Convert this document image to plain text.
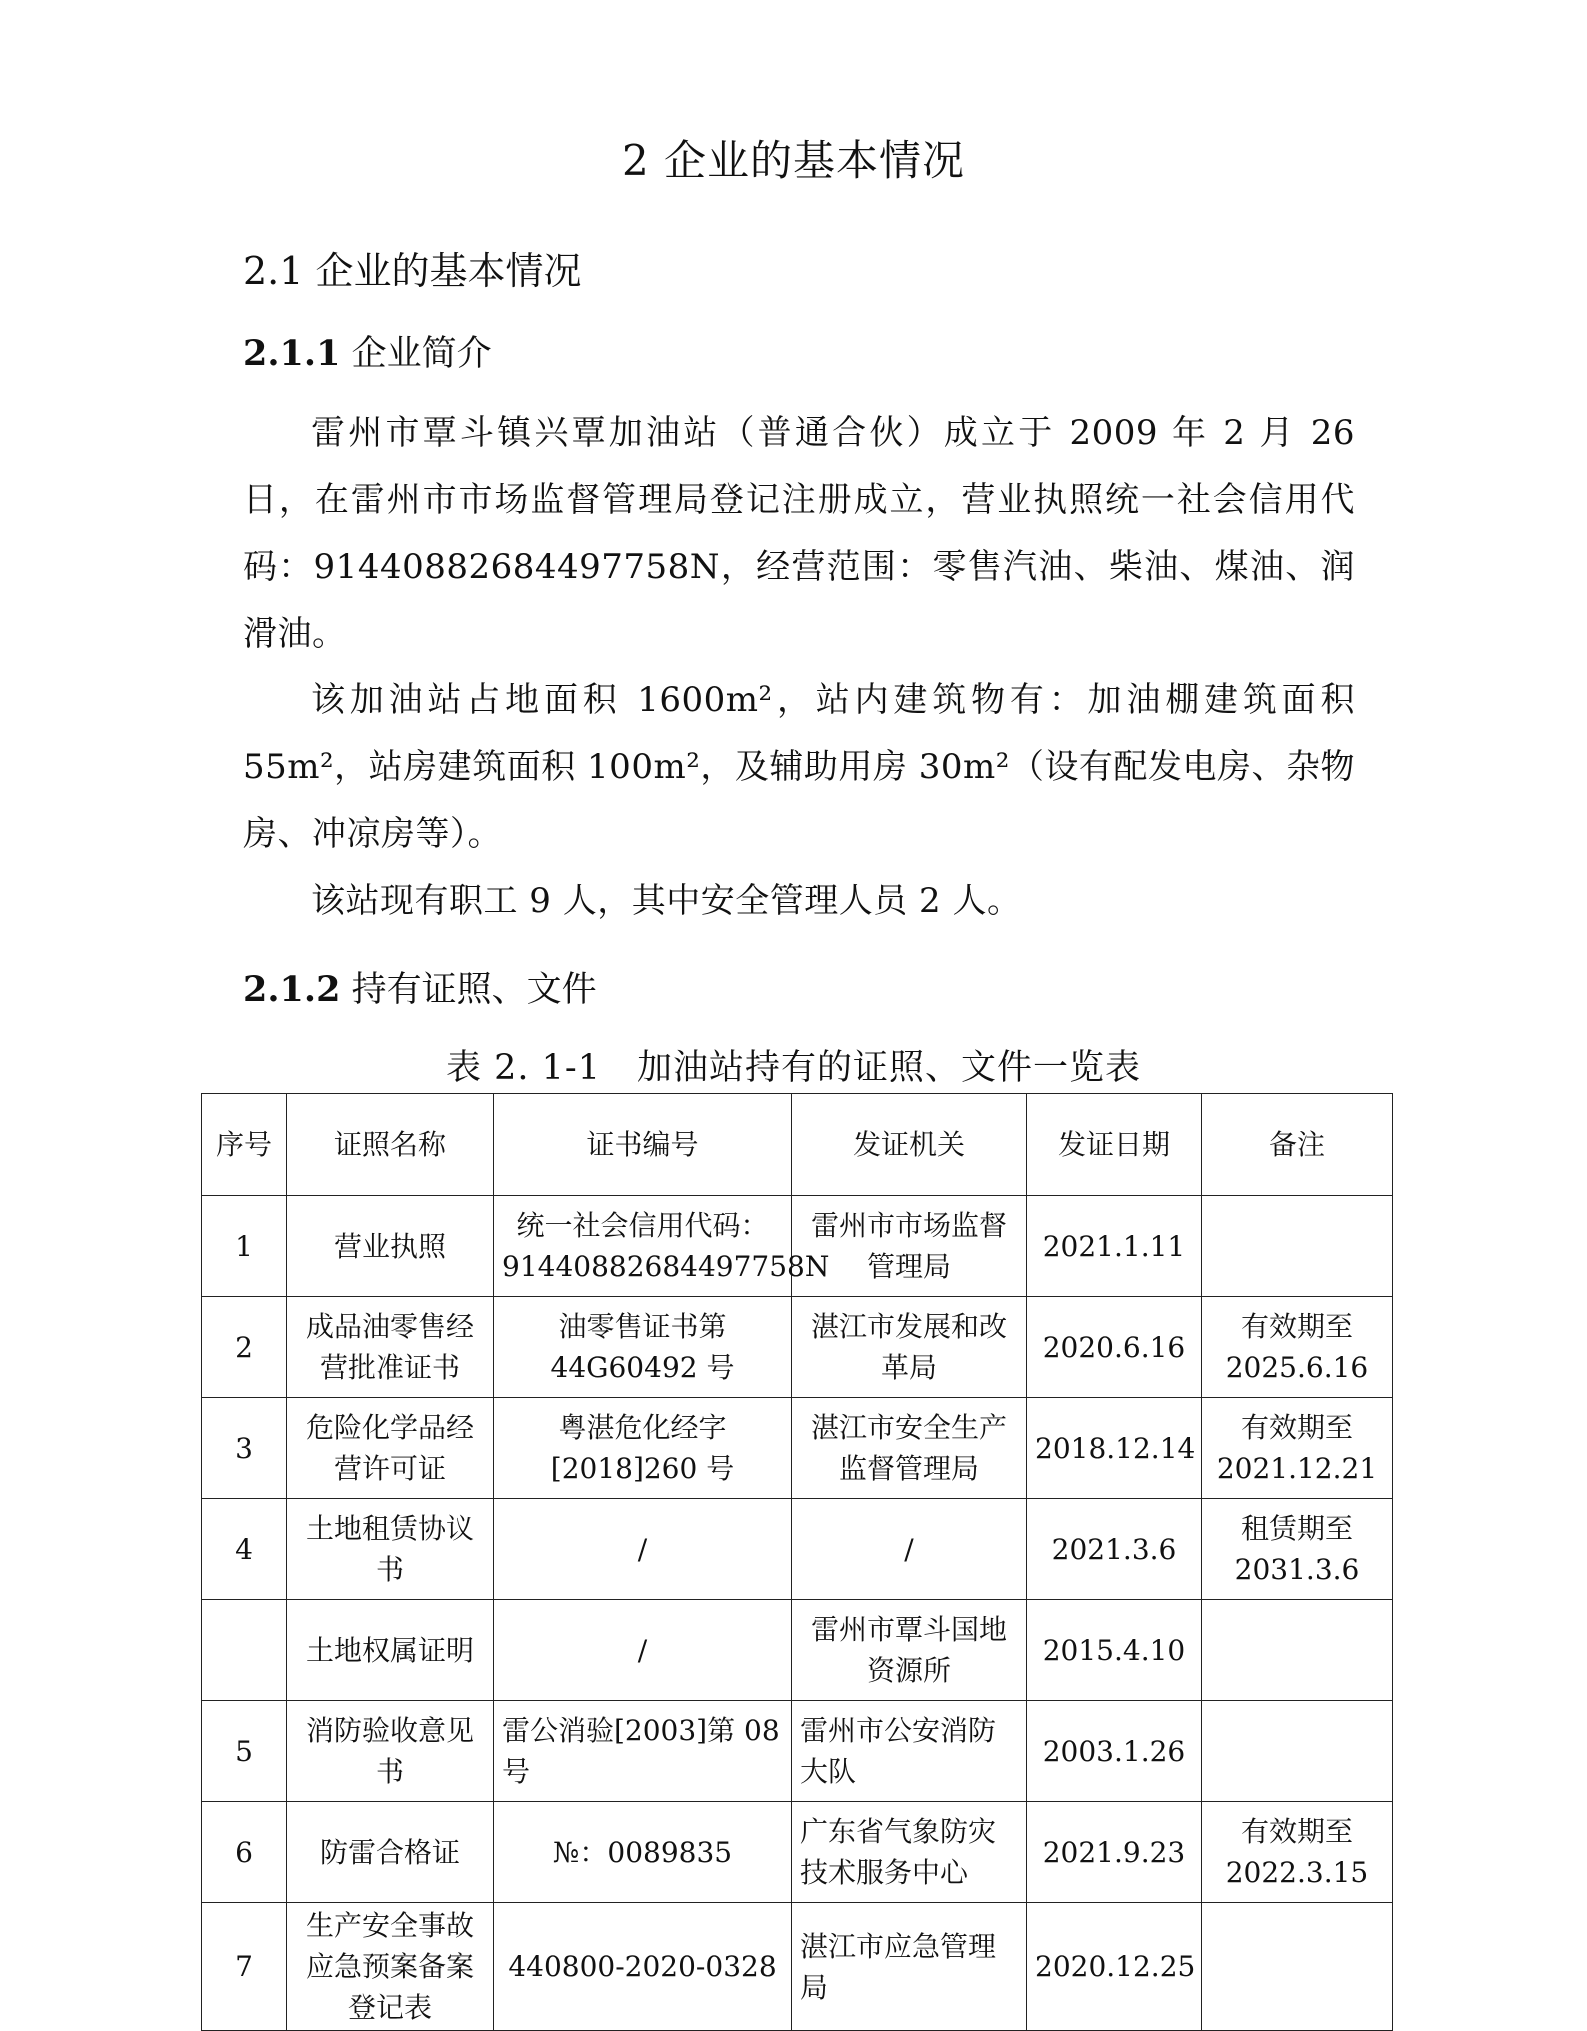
2 企业的基本情况
2.1 企业的基本情况
2.1.1 企业简介

雷州市覃斗镇兴覃加油站（普通合伙）成立于 2009 年 2 月 26 日，在雷州市市场监督管理局登记注册成立，营业执照统一社会信用代码：91440882684497758N，经营范围：零售汽油、柴油、煤油、润滑油。

该加油站占地面积 1600m²，站内建筑物有：加油棚建筑面积 55m²，站房建筑面积 100m²，及辅助用房 30m²（设有配发电房、杂物房、冲凉房等）。

该站现有职工 9 人，其中安全管理人员 2 人。

2.1.2 持有证照、文件
表 2. 1-1　加油站持有的证照、文件一览表
序号	证照名称	证书编号	发证机关	发证日期	备注
1	营业执照	统一社会信用代码：91440882684497758N	雷州市市场监督管理局	2021.1.11	
2	成品油零售经营批准证书	油零售证书第44G60492 号	湛江市发展和改革局	2020.6.16	有效期至2025.6.16
3	危险化学品经营许可证	粤湛危化经字[2018]260 号	湛江市安全生产监督管理局	2018.12.14	有效期至2021.12.21
4	土地租赁协议书	/	/	2021.3.6	租赁期至2031.3.6
	土地权属证明	/	雷州市覃斗国地资源所	2015.4.10	
5	消防验收意见书	雷公消验[2003]第 08 号	雷州市公安消防大队	2003.1.26	
6	防雷合格证	№：0089835	广东省气象防灾技术服务中心	2021.9.23	有效期至2022.3.15
7	生产安全事故应急预案备案登记表	440800-2020-0328	湛江市应急管理局	2020.12.25	
